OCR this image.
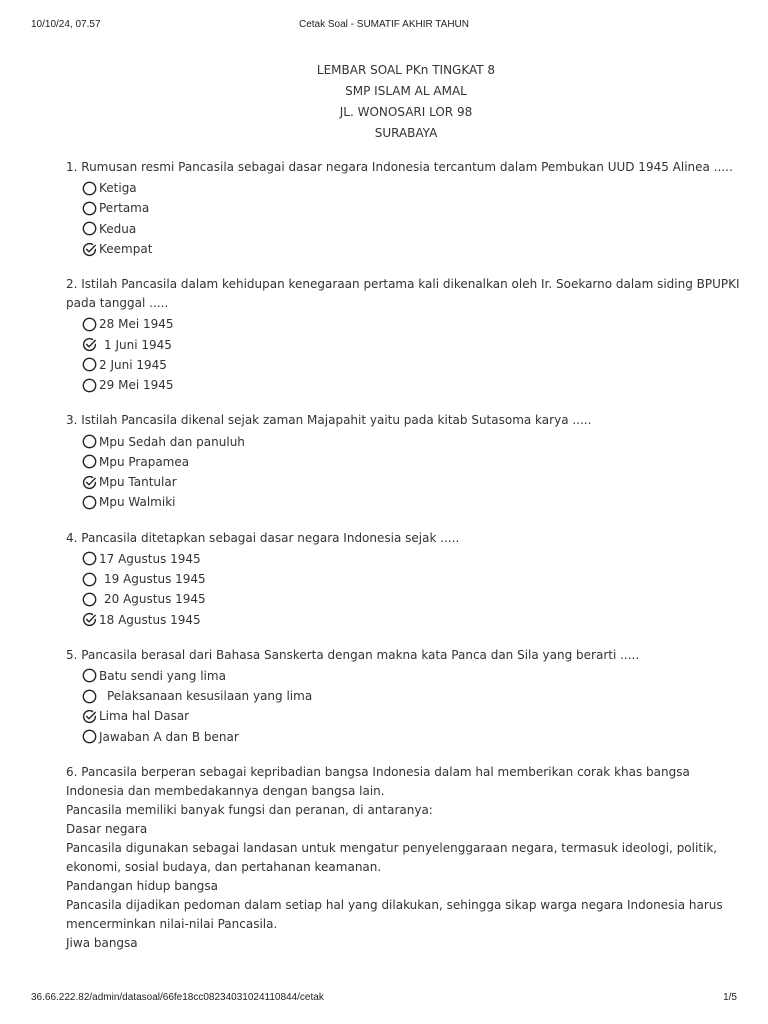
10/10/24, 07.57	Cetak Soal - SUMATIF AKHIR TAHUN
LEMBAR SOAL PKn TINGKAT 8
SMP ISLAM AL AMAL
JL. WONOSARI LOR 98
SURABAYA
1. Rumusan resmi Pancasila sebagai dasar negara Indonesia tercantum dalam Pembukan UUD 1945 Alinea .....
Ketiga
Pertama
Kedua
Keempat
2. Istilah Pancasila dalam kehidupan kenegaraan pertama kali dikenalkan oleh Ir. Soekarno dalam siding BPUPKI pada tanggal .....
28 Mei 1945
1 Juni 1945
2 Juni 1945
29 Mei 1945
3. Istilah Pancasila dikenal sejak zaman Majapahit yaitu pada kitab Sutasoma karya .....
Mpu Sedah dan panuluh
Mpu Prapamea
Mpu Tantular
Mpu Walmiki
4. Pancasila ditetapkan sebagai dasar negara Indonesia sejak .....
17 Agustus 1945
19 Agustus 1945
20 Agustus 1945
18 Agustus 1945
5. Pancasila berasal dari Bahasa Sanskerta dengan makna kata Panca dan Sila yang berarti .....
Batu sendi yang lima
Pelaksanaan kesusilaan yang lima
Lima hal Dasar
Jawaban A dan B benar
6. Pancasila berperan sebagai kepribadian bangsa Indonesia dalam hal memberikan corak khas bangsa Indonesia dan membedakannya dengan bangsa lain.
Pancasila memiliki banyak fungsi dan peranan, di antaranya:
Dasar negara
Pancasila digunakan sebagai landasan untuk mengatur penyelenggaraan negara, termasuk ideologi, politik, ekonomi, sosial budaya, dan pertahanan keamanan.
Pandangan hidup bangsa
Pancasila dijadikan pedoman dalam setiap hal yang dilakukan, sehingga sikap warga negara Indonesia harus mencerminkan nilai-nilai Pancasila.
Jiwa bangsa
36.66.222.82/admin/datasoal/66fe18cc08234031024110844/cetak	1/5
